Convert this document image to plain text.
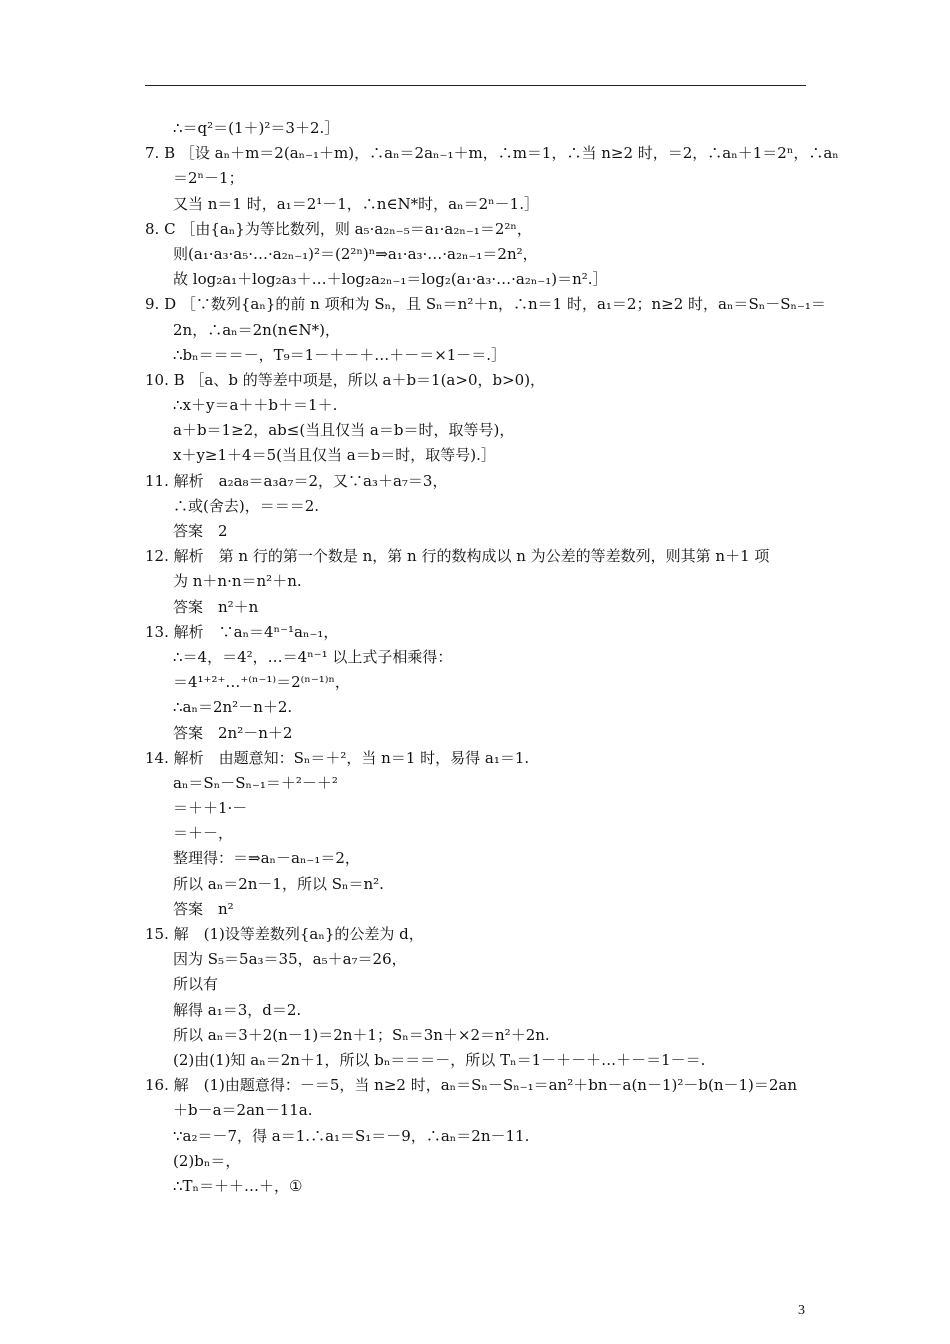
∴＝q²＝(1＋)²＝3＋2.］
7. B ［设 aₙ＋m＝2(aₙ₋₁＋m)，∴aₙ＝2aₙ₋₁＋m，∴m＝1，∴当 n≥2 时，＝2，∴aₙ＋1＝2ⁿ，∴aₙ
＝2ⁿ－1；
又当 n＝1 时，a₁＝2¹－1，∴n∈N*时，aₙ＝2ⁿ－1.］
8. C ［由{aₙ}为等比数列，则 a₅·a₂ₙ₋₅＝a₁·a₂ₙ₋₁＝2²ⁿ，
则(a₁·a₃·a₅·…·a₂ₙ₋₁)²＝(2²ⁿ)ⁿ⇒a₁·a₃·…·a₂ₙ₋₁＝2n²，
故 log₂a₁＋log₂a₃＋…＋log₂a₂ₙ₋₁＝log₂(a₁·a₃·…·a₂ₙ₋₁)＝n².］
9. D ［∵数列{aₙ}的前 n 项和为 Sₙ，且 Sₙ＝n²＋n，∴n＝1 时，a₁＝2；n≥2 时，aₙ＝Sₙ－Sₙ₋₁＝
2n，∴aₙ＝2n(n∈N*)，
∴bₙ＝＝＝－，T₉＝1－＋－＋…＋－＝×1－＝.］
10. B ［a、b 的等差中项是，所以 a＋b＝1(a>0，b>0)，
∴x＋y＝a＋＋b＋＝1＋.
a＋b＝1≥2，ab≤(当且仅当 a＝b＝时，取等号)，
x＋y≥1＋4＝5(当且仅当 a＝b＝时，取等号).］
11. 解析　a₂a₈＝a₃a₇＝2，又∵a₃＋a₇＝3，
∴或(舍去)，＝＝＝2.
答案　2
12. 解析　第 n 行的第一个数是 n，第 n 行的数构成以 n 为公差的等差数列，则其第 n＋1 项
为 n＋n·n＝n²＋n.
答案　n²＋n
13. 解析　∵aₙ＝4ⁿ⁻¹aₙ₋₁，
∴＝4，＝4²，…＝4ⁿ⁻¹ 以上式子相乘得：
＝4¹⁺²⁺…⁺⁽ⁿ⁻¹⁾＝2⁽ⁿ⁻¹⁾ⁿ，
∴aₙ＝2n²－n＋2.
答案　2n²－n＋2
14. 解析　由题意知：Sₙ＝＋²，当 n＝1 时，易得 a₁＝1.
aₙ＝Sₙ－Sₙ₋₁＝＋²－＋²
＝＋＋1·－
＝＋－，
整理得：＝⇒aₙ－aₙ₋₁＝2，
所以 aₙ＝2n－1，所以 Sₙ＝n².
答案　n²
15. 解　(1)设等差数列{aₙ}的公差为 d，
因为 S₅＝5a₃＝35，a₅＋a₇＝26，
所以有
解得 a₁＝3，d＝2.
所以 aₙ＝3＋2(n－1)＝2n＋1；Sₙ＝3n＋×2＝n²＋2n.
(2)由(1)知 aₙ＝2n＋1，所以 bₙ＝＝＝－，所以 Tₙ＝1－＋－＋…＋－＝1－＝.
16. 解　(1)由题意得：－＝5，当 n≥2 时，aₙ＝Sₙ－Sₙ₋₁＝an²＋bn－a(n－1)²－b(n－1)＝2an
＋b－a＝2an－11a.
∵a₂＝－7，得 a＝1.∴a₁＝S₁＝－9，∴aₙ＝2n－11.
(2)bₙ＝，
∴Tₙ＝＋＋…＋，①
3
